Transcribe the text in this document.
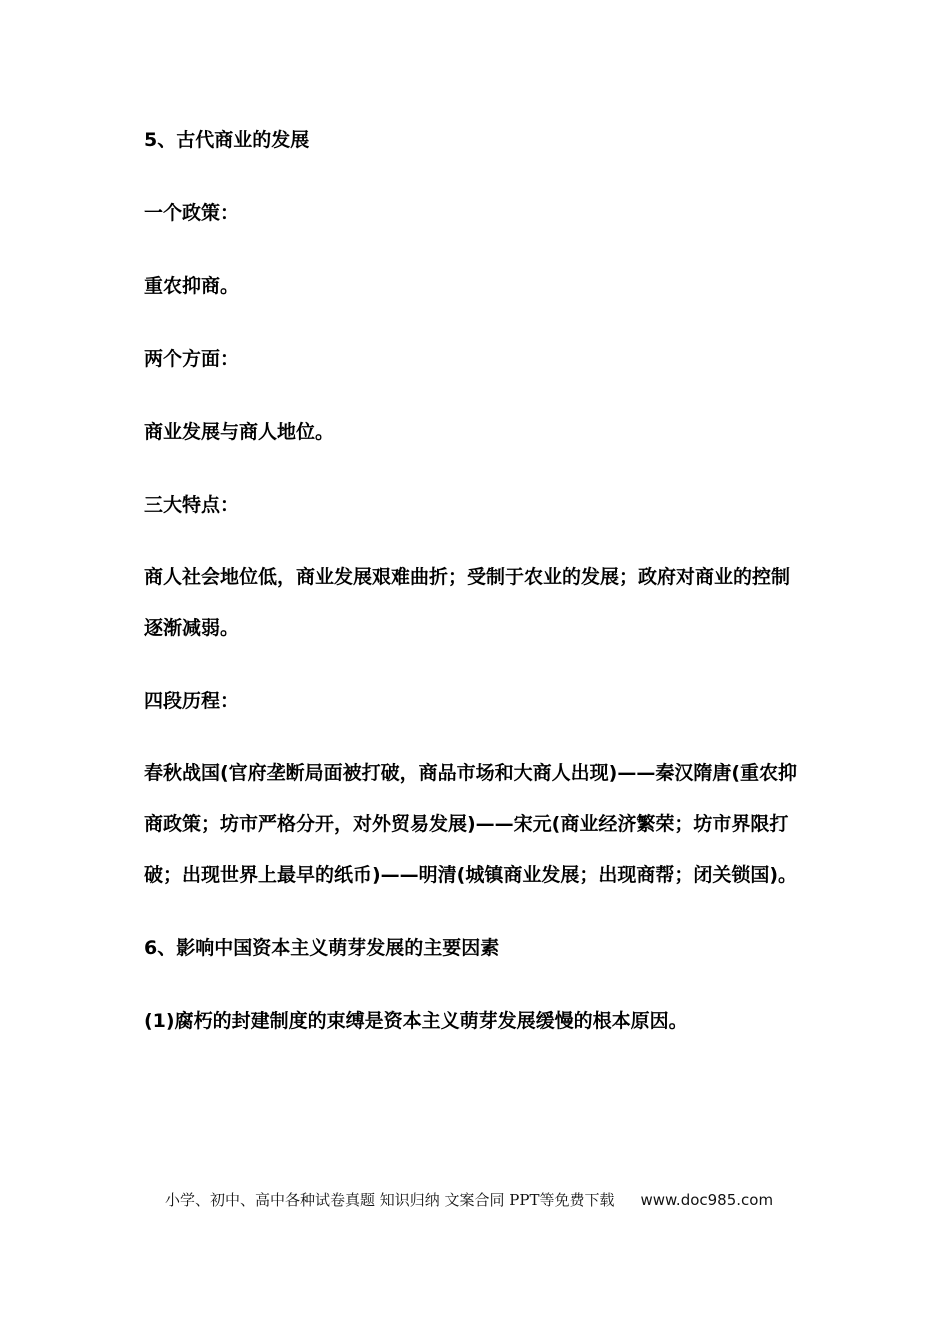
5、古代商业的发展

一个政策：

重农抑商。

两个方面：

商业发展与商人地位。

三大特点：

商人社会地位低，商业发展艰难曲折；受制于农业的发展；政府对商业的控制逐渐减弱。

四段历程：

春秋战国(官府垄断局面被打破，商品市场和大商人出现)——秦汉隋唐(重农抑商政策；坊市严格分开，对外贸易发展)——宋元(商业经济繁荣；坊市界限打破；出现世界上最早的纸币)——明清(城镇商业发展；出现商帮；闭关锁国)。

6、影响中国资本主义萌芽发展的主要因素

(1)腐朽的封建制度的束缚是资本主义萌芽发展缓慢的根本原因。

小学、初中、高中各种试卷真题 知识归纳 文案合同 PPT等免费下载 www.doc985.com
